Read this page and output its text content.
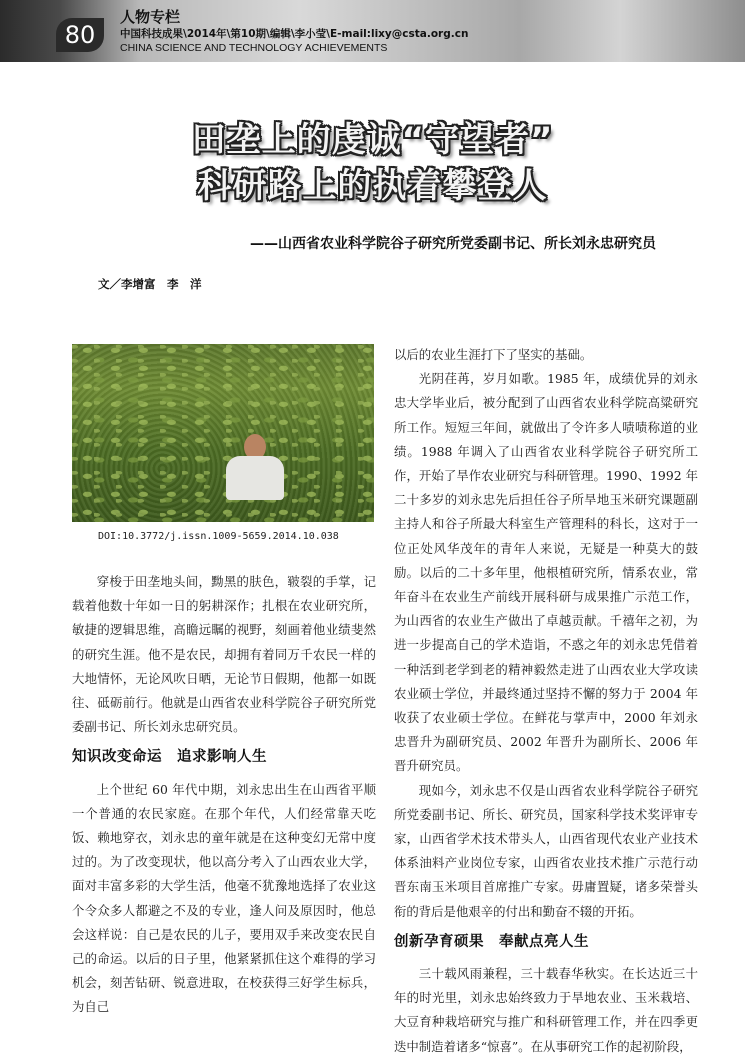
80
人物专栏
中国科技成果\2014年\第10期\编辑\李小莹\E-mail:lixy@csta.org.cn
CHINA SCIENCE AND TECHNOLOGY ACHIEVEMENTS
田垄上的虔诚“守望者”
科研路上的执着攀登人
——山西省农业科学院谷子研究所党委副书记、所长刘永忠研究员
文／李增富　李　洋
DOI:10.3772/j.issn.1009-5659.2014.10.038

穿梭于田垄地头间，黝黑的肤色，皲裂的手掌，记载着他数十年如一日的躬耕深作；扎根在农业研究所，敏捷的逻辑思维，高瞻远瞩的视野，刻画着他业绩斐然的研究生涯。他不是农民，却拥有着同万千农民一样的大地情怀，无论风吹日晒，无论节日假期，他都一如既往、砥砺前行。他就是山西省农业科学院谷子研究所党委副书记、所长刘永忠研究员。

知识改变命运　追求影响人生

上个世纪 60 年代中期，刘永忠出生在山西省平顺一个普通的农民家庭。在那个年代，人们经常靠天吃饭、赖地穿衣，刘永忠的童年就是在这种变幻无常中度过的。为了改变现状，他以高分考入了山西农业大学，面对丰富多彩的大学生活，他毫不犹豫地选择了农业这个令众多人都避之不及的专业，逢人问及原因时，他总会这样说：自己是农民的儿子，要用双手来改变农民自己的命运。以后的日子里，他紧紧抓住这个难得的学习机会，刻苦钻研、锐意进取，在校获得三好学生标兵，为自己

以后的农业生涯打下了坚实的基础。

光阴荏苒，岁月如歌。1985 年，成绩优异的刘永忠大学毕业后，被分配到了山西省农业科学院高粱研究所工作。短短三年间，就做出了令许多人啧啧称道的业绩。1988 年调入了山西省农业科学院谷子研究所工作，开始了旱作农业研究与科研管理。1990、1992 年二十多岁的刘永忠先后担任谷子所旱地玉米研究课题副主持人和谷子所最大科室生产管理科的科长，这对于一位正处风华茂年的青年人来说，无疑是一种莫大的鼓励。以后的二十多年里，他根植研究所，情系农业，常年奋斗在农业生产前线开展科研与成果推广示范工作，为山西省的农业生产做出了卓越贡献。千禧年之初，为进一步提高自己的学术造诣，不惑之年的刘永忠凭借着一种活到老学到老的精神毅然走进了山西农业大学攻读农业硕士学位，并最终通过坚持不懈的努力于 2004 年收获了农业硕士学位。在鲜花与掌声中，2000 年刘永忠晋升为副研究员、2002 年晋升为副所长、2006 年晋升研究员。

现如今，刘永忠不仅是山西省农业科学院谷子研究所党委副书记、所长、研究员，国家科学技术奖评审专家，山西省学术技术带头人，山西省现代农业产业技术体系油料产业岗位专家，山西省农业技术推广示范行动晋东南玉米项目首席推广专家。毋庸置疑，诸多荣誉头衔的背后是他艰辛的付出和勤奋不辍的开拓。

创新孕育硕果　奉献点亮人生

三十载风雨兼程，三十载春华秋实。在长达近三十年的时光里，刘永忠始终致力于旱地农业、玉米栽培、大豆育种栽培研究与推广和科研管理工作，并在四季更迭中制造着诸多“惊喜”。在从事研究工作的起初阶段，
